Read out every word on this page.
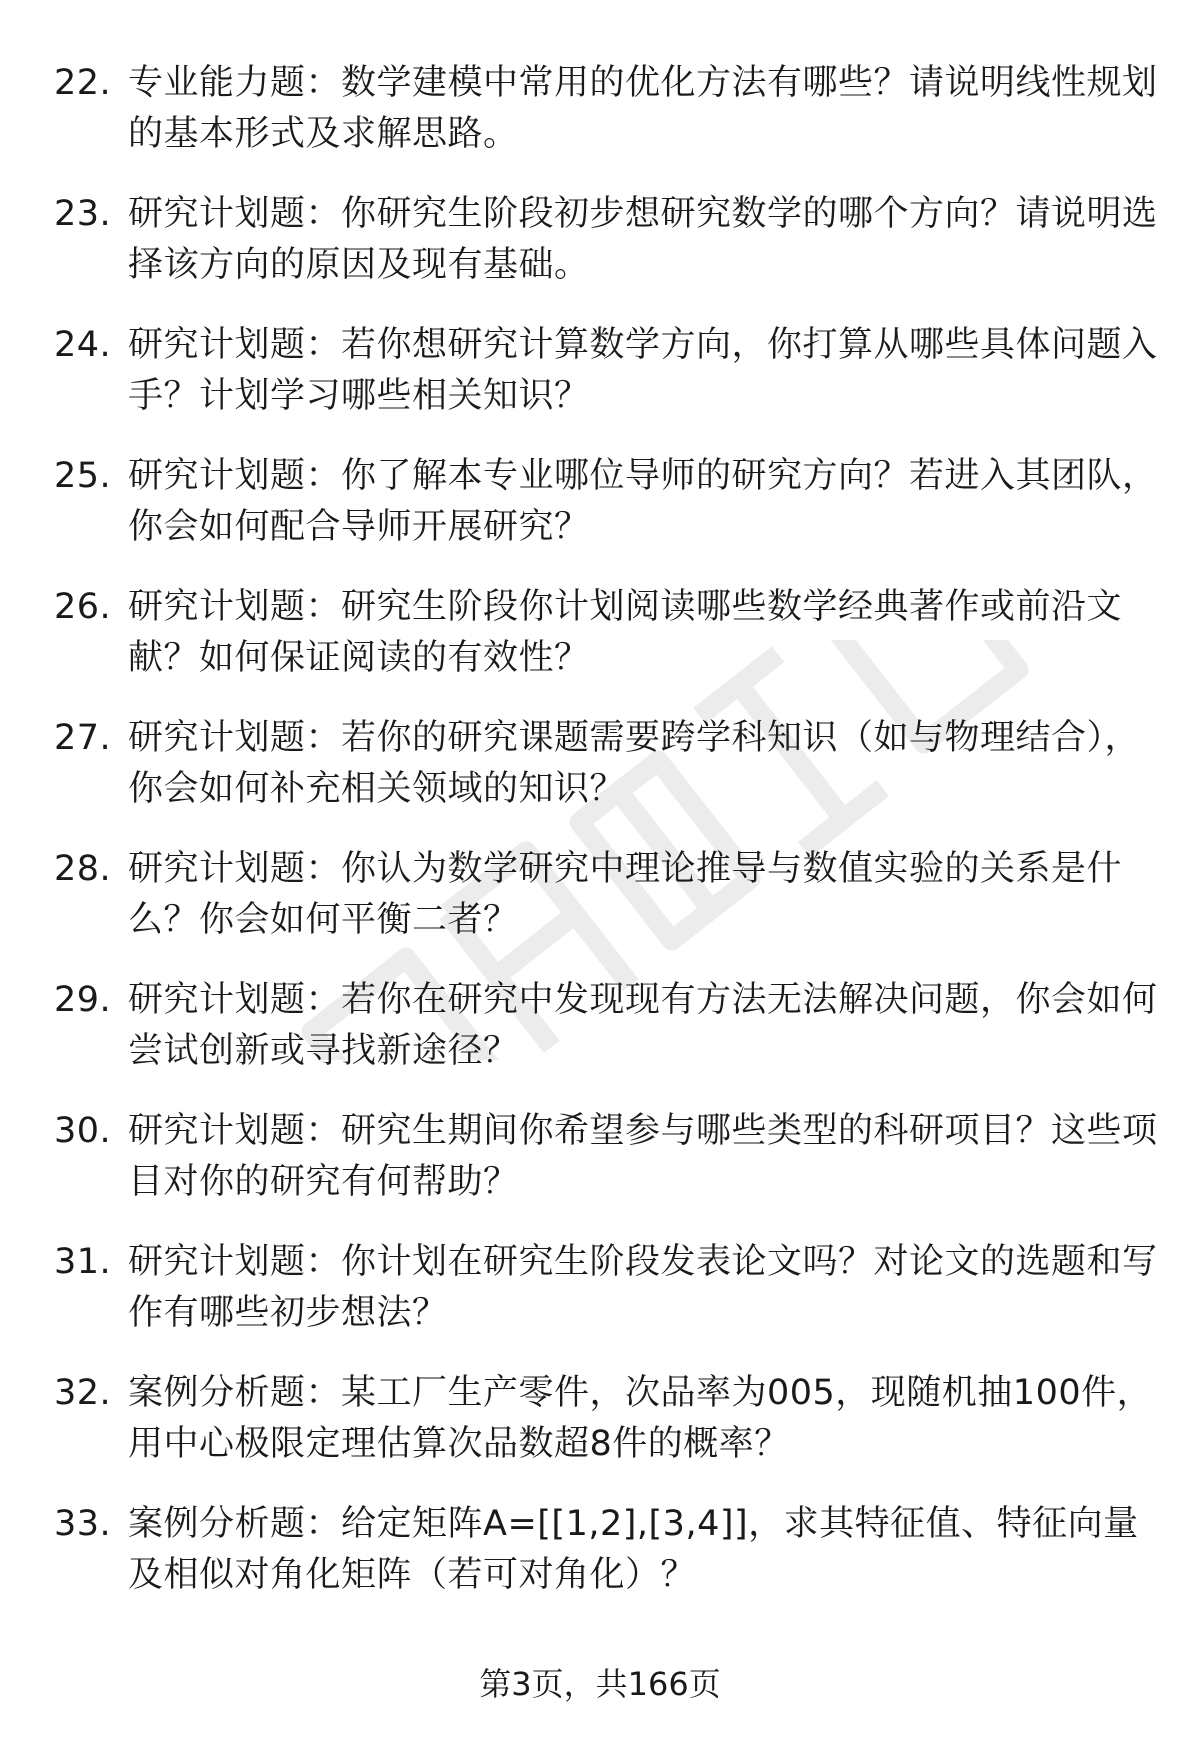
22. 专业能力题：数学建模中常用的优化方法有哪些？请说明线性规划的基本形式及求解思路。
23. 研究计划题：你研究生阶段初步想研究数学的哪个方向？请说明选择该方向的原因及现有基础。
24. 研究计划题：若你想研究计算数学方向，你打算从哪些具体问题入手？计划学习哪些相关知识？
25. 研究计划题：你了解本专业哪位导师的研究方向？若进入其团队，你会如何配合导师开展研究？
26. 研究计划题：研究生阶段你计划阅读哪些数学经典著作或前沿文献？如何保证阅读的有效性？
27. 研究计划题：若你的研究课题需要跨学科知识（如与物理结合），你会如何补充相关领域的知识？
28. 研究计划题：你认为数学研究中理论推导与数值实验的关系是什么？你会如何平衡二者？
29. 研究计划题：若你在研究中发现现有方法无法解决问题，你会如何尝试创新或寻找新途径？
30. 研究计划题：研究生期间你希望参与哪些类型的科研项目？这些项目对你的研究有何帮助？
31. 研究计划题：你计划在研究生阶段发表论文吗？对论文的选题和写作有哪些初步想法？
32. 案例分析题：某工厂生产零件，次品率为005，现随机抽100件，用中心极限定理估算次品数超8件的概率？
33. 案例分析题：给定矩阵A=[[1,2],[3,4]]，求其特征值、特征向量及相似对角化矩阵（若可对角化）？
第3页，共166页
